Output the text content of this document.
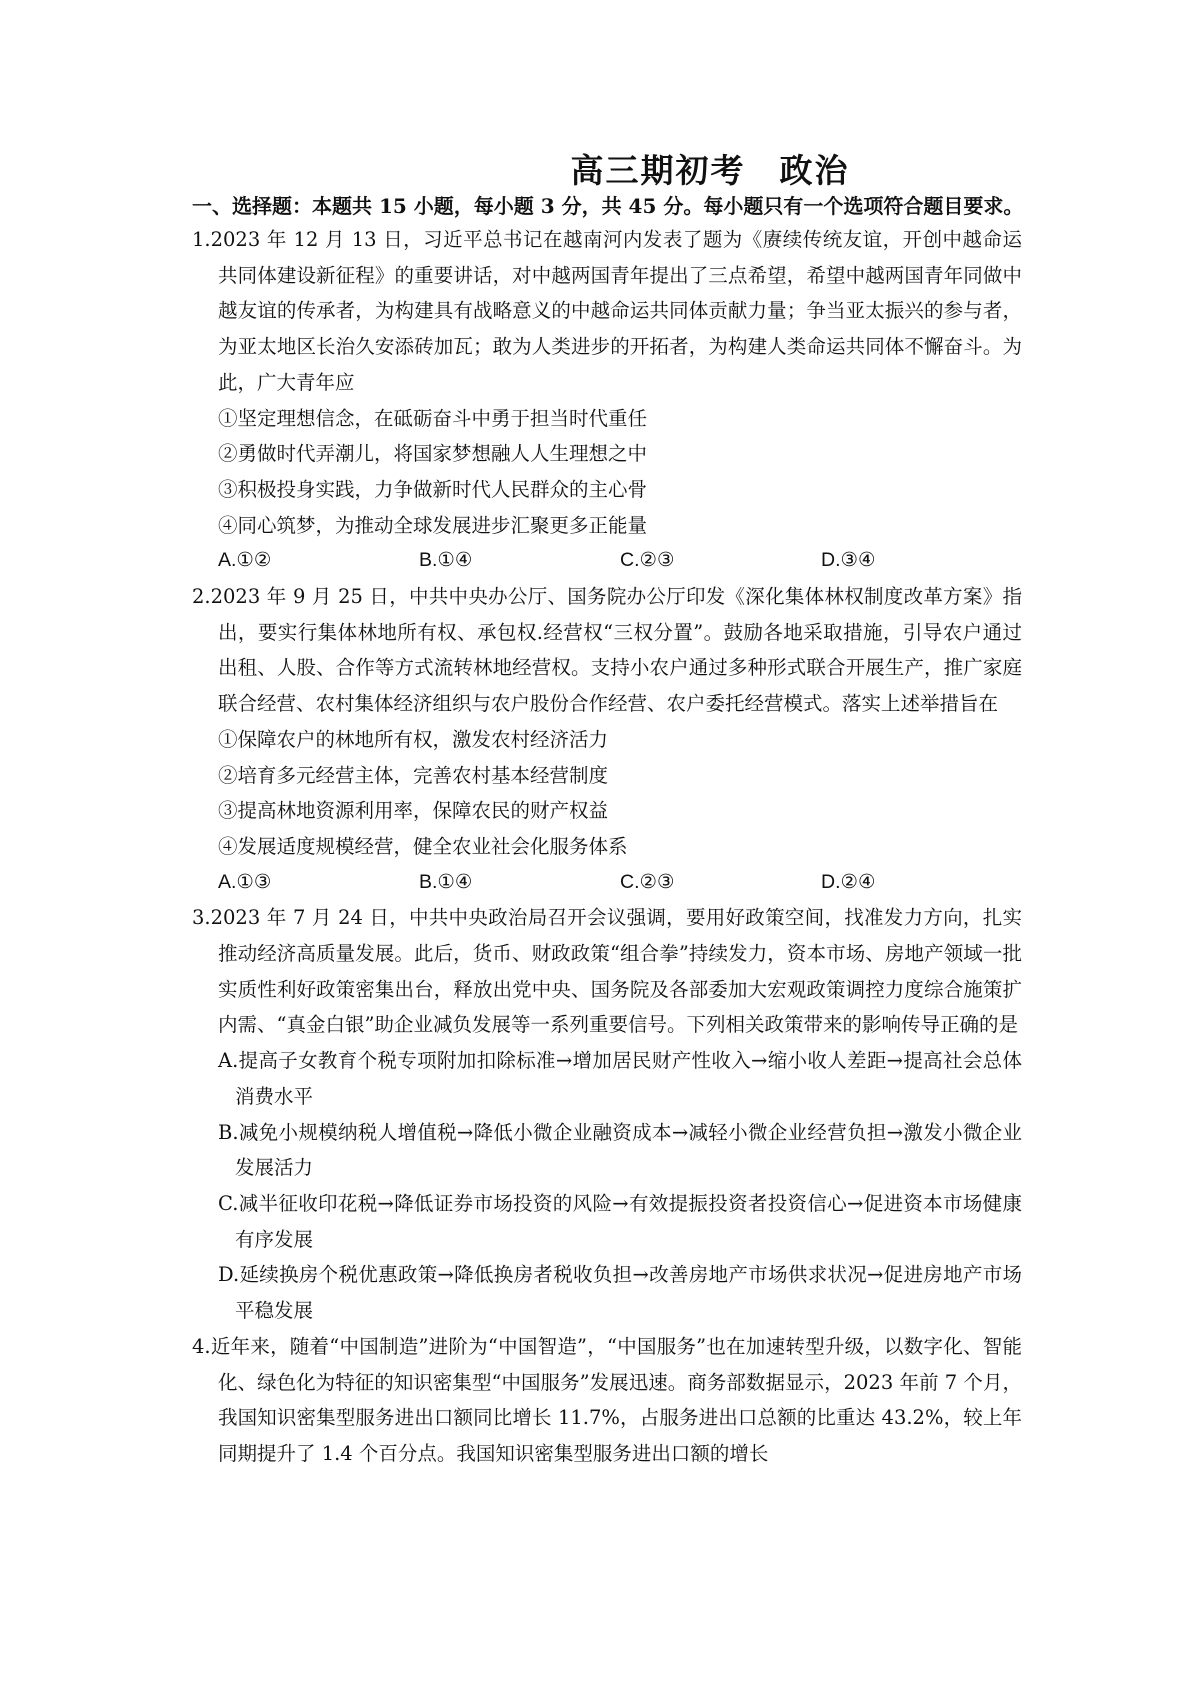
高三期初考 政治
一、选择题：本题共 15 小题，每小题 3 分，共 45 分。每小题只有一个选项符合题目要求。

1.2023 年 12 月 13 日，习近平总书记在越南河内发表了题为《赓续传统友谊，开创中越命运共同体建设新征程》的重要讲话，对中越两国青年提出了三点希望，希望中越两国青年同做中越友谊的传承者，为构建具有战略意义的中越命运共同体贡献力量；争当亚太振兴的参与者，为亚太地区长治久安添砖加瓦；敢为人类进步的开拓者，为构建人类命运共同体不懈奋斗。为此，广大青年应

①坚定理想信念，在砥砺奋斗中勇于担当时代重任

②勇做时代弄潮儿，将国家梦想融人人生理想之中

③积极投身实践，力争做新时代人民群众的主心骨

④同心筑梦，为推动全球发展进步汇聚更多正能量

A.①②	B.①④	C.②③	D.③④

2.2023 年 9 月 25 日，中共中央办公厅、国务院办公厅印发《深化集体林权制度改革方案》指出，要实行集体林地所有权、承包权.经营权“三权分置”。鼓励各地采取措施，引导农户通过出租、人股、合作等方式流转林地经营权。支持小农户通过多种形式联合开展生产，推广家庭联合经营、农村集体经济组织与农户股份合作经营、农户委托经营模式。落实上述举措旨在

①保障农户的林地所有权，激发农村经济活力

②培育多元经营主体，完善农村基本经营制度

③提高林地资源利用率，保障农民的财产权益

④发展适度规模经营，健全农业社会化服务体系

A.①③	B.①④	C.②③	D.②④

3.2023 年 7 月 24 日，中共中央政治局召开会议强调，要用好政策空间，找准发力方向，扎实推动经济高质量发展。此后，货币、财政政策“组合拳”持续发力，资本市场、房地产领域一批实质性利好政策密集出台，释放出党中央、国务院及各部委加大宏观政策调控力度综合施策扩内需、“真金白银”助企业减负发展等一系列重要信号。下列相关政策带来的影响传导正确的是

A.提高子女教育个税专项附加扣除标准→增加居民财产性收入→缩小收人差距→提高社会总体消费水平

B.减免小规模纳税人增值税→降低小微企业融资成本→减轻小微企业经营负担→激发小微企业发展活力

C.减半征收印花税→降低证券市场投资的风险→有效提振投资者投资信心→促进资本市场健康有序发展

D.延续换房个税优惠政策→降低换房者税收负担→改善房地产市场供求状况→促进房地产市场平稳发展

4.近年来，随着“中国制造”进阶为“中国智造”，“中国服务”也在加速转型升级，以数字化、智能化、绿色化为特征的知识密集型“中国服务”发展迅速。商务部数据显示，2023 年前 7 个月，我国知识密集型服务进出口额同比增长 11.7%，占服务进出口总额的比重达 43.2%，较上年同期提升了 1.4 个百分点。我国知识密集型服务进出口额的增长
